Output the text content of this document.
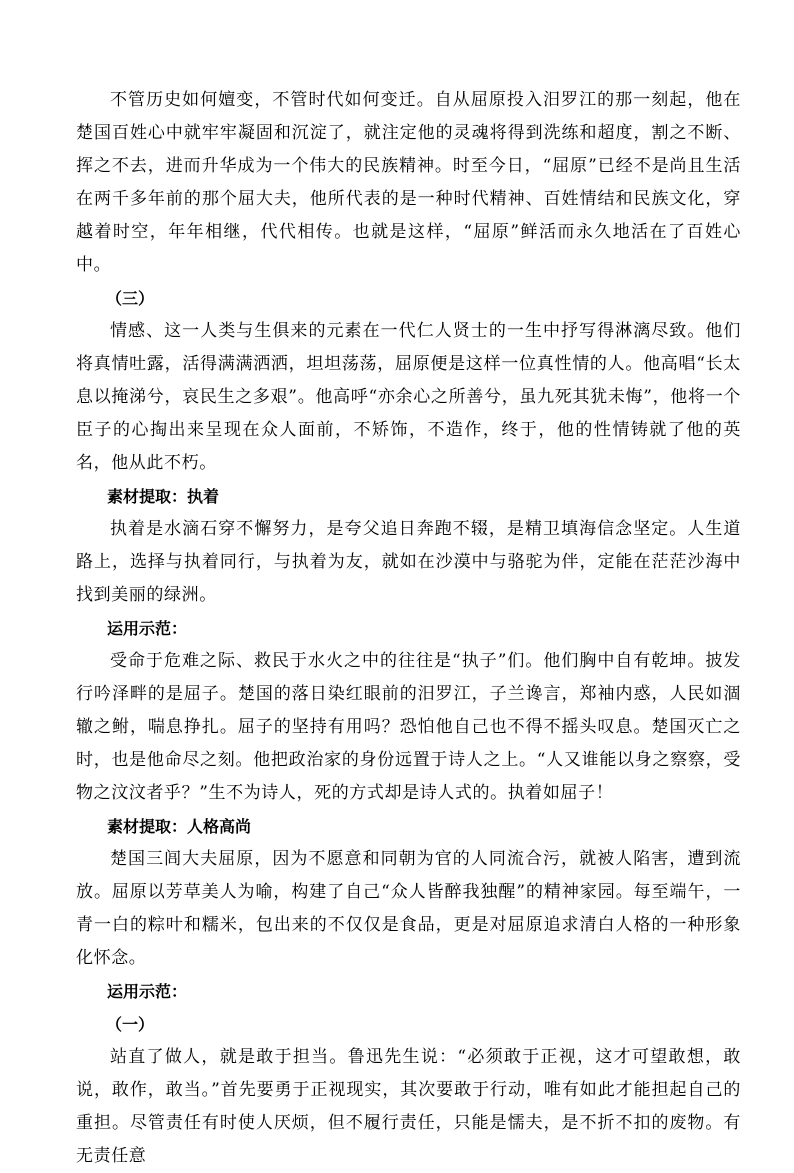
不管历史如何嬗变，不管时代如何变迁。自从屈原投入汨罗江的那一刻起，他在楚国百姓心中就牢牢凝固和沉淀了，就注定他的灵魂将得到洗练和超度，割之不断、挥之不去，进而升华成为一个伟大的民族精神。时至今日，“屈原”已经不是尚且生活在两千多年前的那个屈大夫，他所代表的是一种时代精神、百姓情结和民族文化，穿越着时空，年年相继，代代相传。也就是这样，“屈原”鲜活而永久地活在了百姓心中。

（三）

情感、这一人类与生俱来的元素在一代仁人贤士的一生中抒写得淋漓尽致。他们将真情吐露，活得满满洒洒，坦坦荡荡，屈原便是这样一位真性情的人。他高唱“长太息以掩涕兮，哀民生之多艰”。他高呼“亦余心之所善兮，虽九死其犹未悔”，他将一个臣子的心掏出来呈现在众人面前，不矫饰，不造作，终于，他的性情铸就了他的英名，他从此不朽。

素材提取：执着

执着是水滴石穿不懈努力，是夸父追日奔跑不辍，是精卫填海信念坚定。人生道路上，选择与执着同行，与执着为友，就如在沙漠中与骆驼为伴，定能在茫茫沙海中找到美丽的绿洲。

运用示范：

受命于危难之际、救民于水火之中的往往是“执子”们。他们胸中自有乾坤。披发行吟泽畔的是屈子。楚国的落日染红眼前的汨罗江，子兰谗言，郑袖内惑，人民如涸辙之鲋，喘息挣扎。屈子的坚持有用吗？恐怕他自己也不得不摇头叹息。楚国灭亡之时，也是他命尽之刻。他把政治家的身份远置于诗人之上。“人又谁能以身之察察，受物之汶汶者乎？”生不为诗人，死的方式却是诗人式的。执着如屈子！

素材提取：人格高尚

楚国三闾大夫屈原，因为不愿意和同朝为官的人同流合污，就被人陷害，遭到流放。屈原以芳草美人为喻，构建了自己“众人皆醉我独醒”的精神家园。每至端午，一青一白的粽叶和糯米，包出来的不仅仅是食品，更是对屈原追求清白人格的一种形象化怀念。

运用示范：

（一）

站直了做人，就是敢于担当。鲁迅先生说：“必须敢于正视，这才可望敢想，敢说，敢作，敢当。”首先要勇于正视现实，其次要敢于行动，唯有如此才能担起自己的重担。尽管责任有时使人厌烦，但不履行责任，只能是懦夫，是不折不扣的废物。有无责任意
